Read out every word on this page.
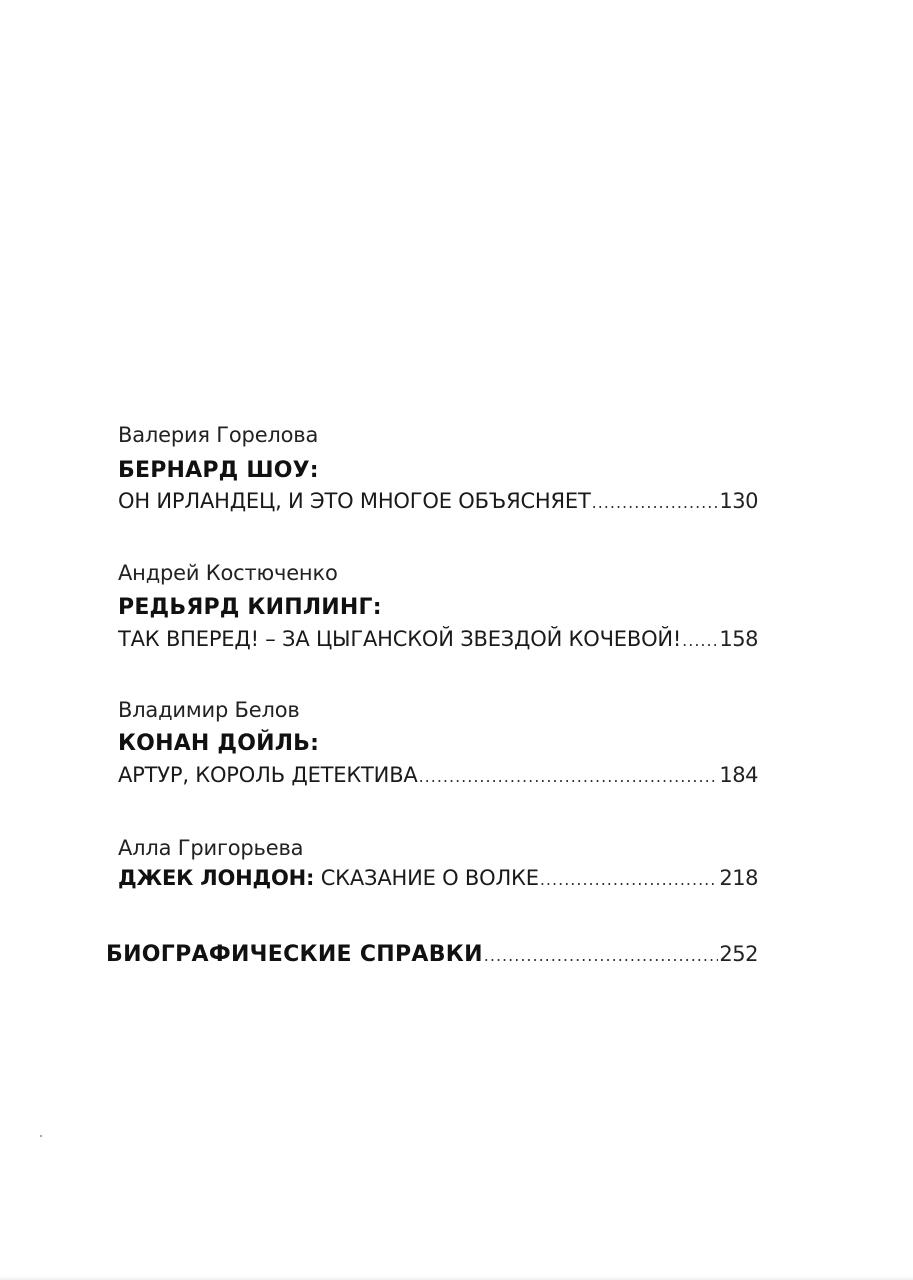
Валерия Горелова
БЕРНАРД ШОУ:
ОН ИРЛАНДЕЦ, И ЭТО МНОГОЕ ОБЪЯСНЯЕТ .....	130
Андрей Костюченко
РЕДЬЯРД КИПЛИНГ:
ТАК ВПЕРЕД! – ЗА ЦЫГАНСКОЙ ЗВЕЗДОЙ КОЧЕВОЙ! ..... 158
Владимир Белов
КОНАН ДОЙЛЬ:
АРТУР, КОРОЛЬ ДЕТЕКТИВА .....	184
Алла Григорьева
ДЖЕК ЛОНДОН: СКАЗАНИЕ О ВОЛКЕ .....	218
БИОГРАФИЧЕСКИЕ СПРАВКИ .....	252
